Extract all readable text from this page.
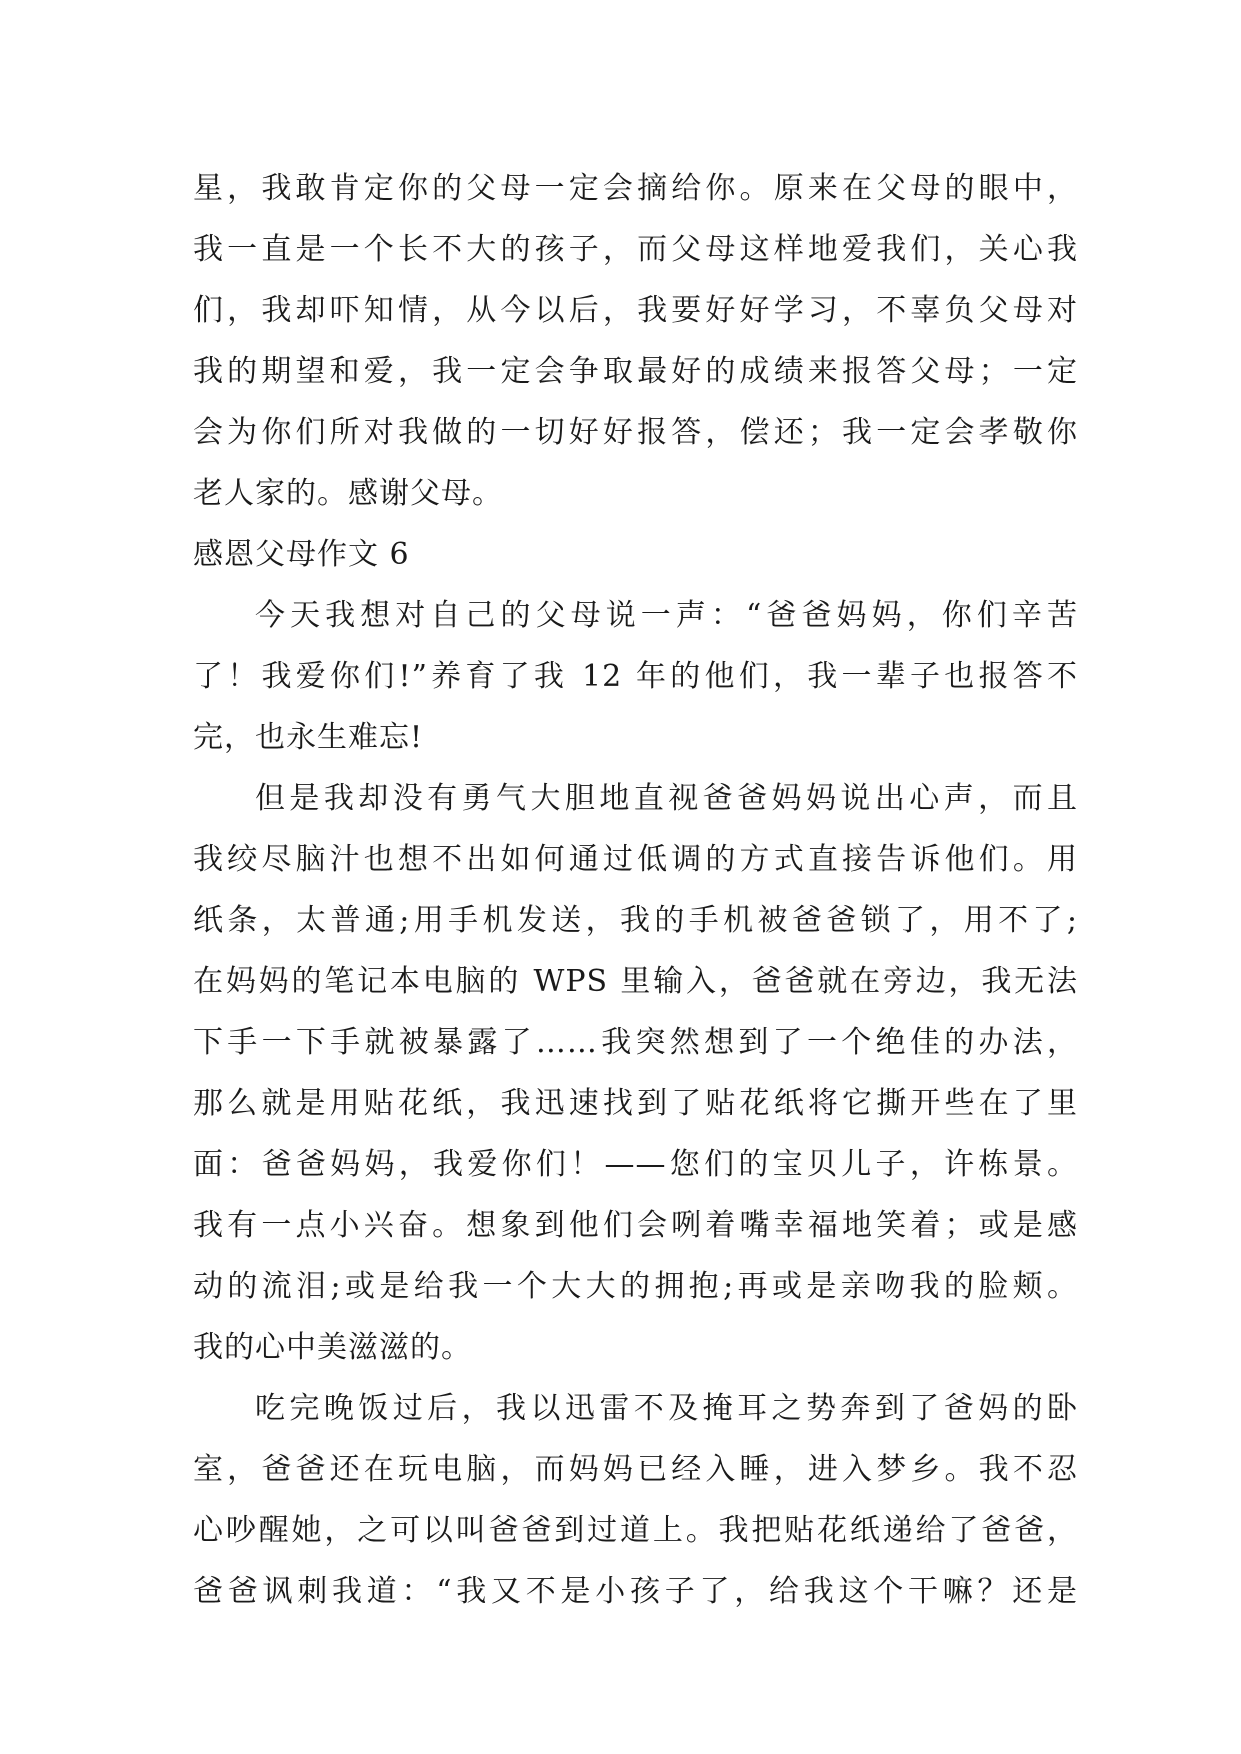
星，我敢肯定你的父母一定会摘给你。原来在父母的眼中，
我一直是一个长不大的孩子，而父母这样地爱我们，关心我
们，我却吓知情，从今以后，我要好好学习，不辜负父母对
我的期望和爱，我一定会争取最好的成绩来报答父母；一定
会为你们所对我做的一切好好报答，偿还；我一定会孝敬你
老人家的。感谢父母。
感恩父母作文 6
今天我想对自己的父母说一声：“爸爸妈妈，你们辛苦
了！我爱你们!”养育了我 12 年的他们，我一辈子也报答不
完，也永生难忘!
但是我却没有勇气大胆地直视爸爸妈妈说出心声，而且
我绞尽脑汁也想不出如何通过低调的方式直接告诉他们。用
纸条，太普通;用手机发送，我的手机被爸爸锁了，用不了;
在妈妈的笔记本电脑的 WPS 里输入，爸爸就在旁边，我无法
下手一下手就被暴露了……我突然想到了一个绝佳的办法，
那么就是用贴花纸，我迅速找到了贴花纸将它撕开些在了里
面：爸爸妈妈，我爱你们！——您们的宝贝儿子，许栋景。
我有一点小兴奋。想象到他们会咧着嘴幸福地笑着；或是感
动的流泪;或是给我一个大大的拥抱;再或是亲吻我的脸颊。
我的心中美滋滋的。
吃完晚饭过后，我以迅雷不及掩耳之势奔到了爸妈的卧
室，爸爸还在玩电脑，而妈妈已经入睡，进入梦乡。我不忍
心吵醒她，之可以叫爸爸到过道上。我把贴花纸递给了爸爸，
爸爸讽刺我道：“我又不是小孩子了，给我这个干嘛？还是
